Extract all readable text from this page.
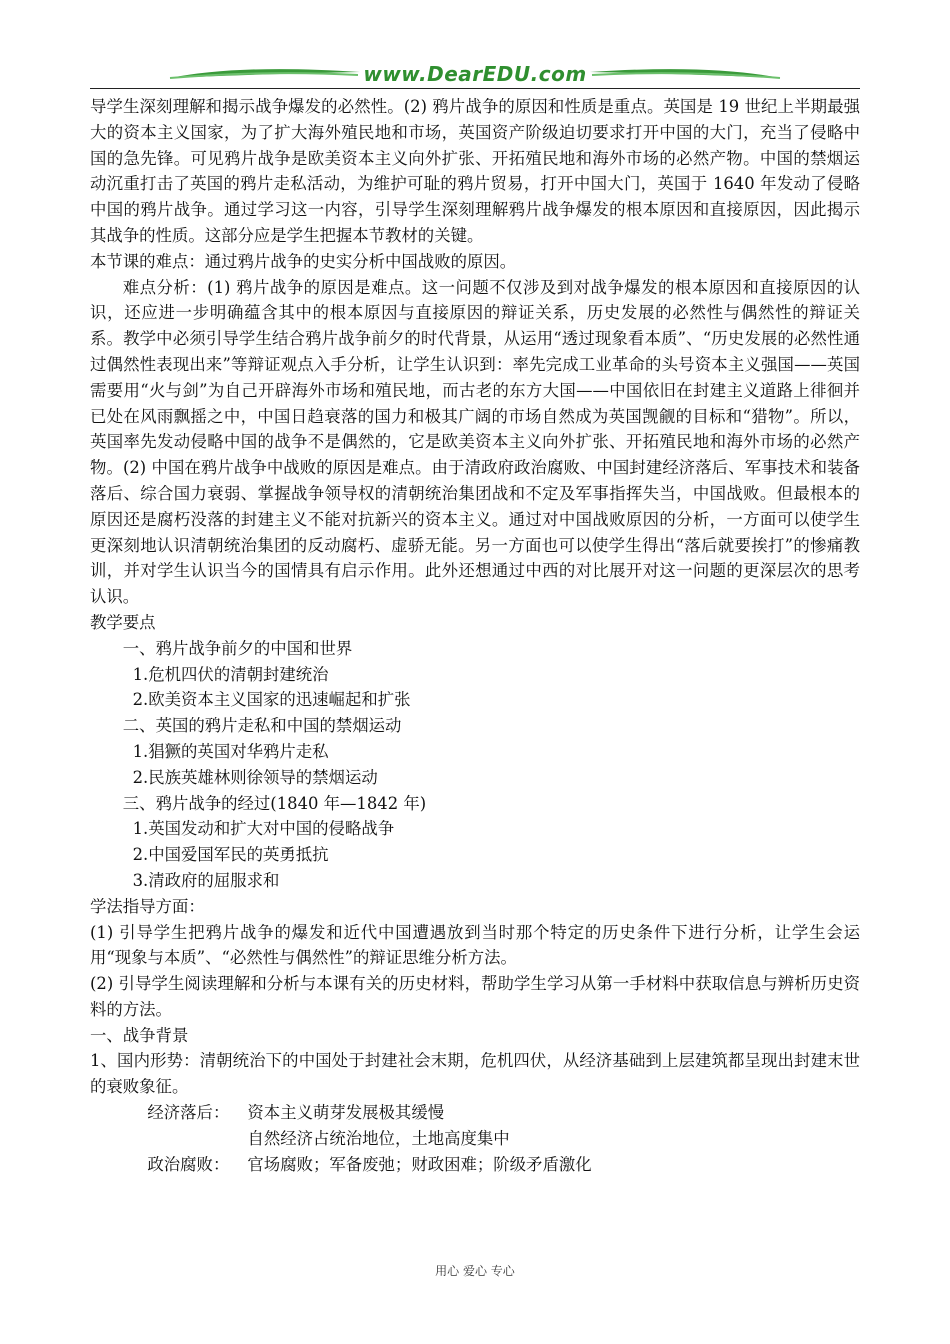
www.DearEDU.com

导学生深刻理解和揭示战争爆发的必然性。(2) 鸦片战争的原因和性质是重点。英国是 19 世纪上半期最强大的资本主义国家，为了扩大海外殖民地和市场，英国资产阶级迫切要求打开中国的大门，充当了侵略中国的急先锋。可见鸦片战争是欧美资本主义向外扩张、开拓殖民地和海外市场的必然产物。中国的禁烟运动沉重打击了英国的鸦片走私活动，为维护可耻的鸦片贸易，打开中国大门，英国于 1640 年发动了侵略中国的鸦片战争。通过学习这一内容，引导学生深刻理解鸦片战争爆发的根本原因和直接原因，因此揭示其战争的性质。这部分应是学生把握本节教材的关键。

本节课的难点：通过鸦片战争的史实分析中国战败的原因。

难点分析：(1) 鸦片战争的原因是难点。这一问题不仅涉及到对战争爆发的根本原因和直接原因的认识，还应进一步明确蕴含其中的根本原因与直接原因的辩证关系，历史发展的必然性与偶然性的辩证关系。教学中必须引导学生结合鸦片战争前夕的时代背景，从运用“透过现象看本质”、“历史发展的必然性通过偶然性表现出来”等辩证观点入手分析，让学生认识到：率先完成工业革命的头号资本主义强国——英国需要用“火与剑”为自己开辟海外市场和殖民地，而古老的东方大国——中国依旧在封建主义道路上徘徊并已处在风雨飘摇之中，中国日趋衰落的国力和极其广阔的市场自然成为英国觊觎的目标和“猎物”。所以，英国率先发动侵略中国的战争不是偶然的，它是欧美资本主义向外扩张、开拓殖民地和海外市场的必然产物。(2) 中国在鸦片战争中战败的原因是难点。由于清政府政治腐败、中国封建经济落后、军事技术和装备落后、综合国力衰弱、掌握战争领导权的清朝统治集团战和不定及军事指挥失当，中国战败。但最根本的原因还是腐朽没落的封建主义不能对抗新兴的资本主义。通过对中国战败原因的分析，一方面可以使学生更深刻地认识清朝统治集团的反动腐朽、虚骄无能。另一方面也可以使学生得出“落后就要挨打”的惨痛教训，并对学生认识当今的国情具有启示作用。此外还想通过中西的对比展开对这一问题的更深层次的思考认识。

教学要点

一、鸦片战争前夕的中国和世界

1.危机四伏的清朝封建统治

2.欧美资本主义国家的迅速崛起和扩张

二、英国的鸦片走私和中国的禁烟运动

1.猖獗的英国对华鸦片走私

2.民族英雄林则徐领导的禁烟运动

三、鸦片战争的经过(1840 年—1842 年)

1.英国发动和扩大对中国的侵略战争

2.中国爱国军民的英勇抵抗

3.清政府的屈服求和

学法指导方面：

(1) 引导学生把鸦片战争的爆发和近代中国遭遇放到当时那个特定的历史条件下进行分析，让学生会运用“现象与本质”、“必然性与偶然性”的辩证思维分析方法。

(2) 引导学生阅读理解和分析与本课有关的历史材料，帮助学生学习从第一手材料中获取信息与辨析历史资料的方法。

一、战争背景

1、国内形势：清朝统治下的中国处于封建社会末期，危机四伏，从经济基础到上层建筑都呈现出封建末世的衰败象征。

经济落后：	资本主义萌芽发展极其缓慢

自然经济占统治地位，土地高度集中

政治腐败：	官场腐败；军备废弛；财政困难；阶级矛盾激化
用心 爱心 专心
